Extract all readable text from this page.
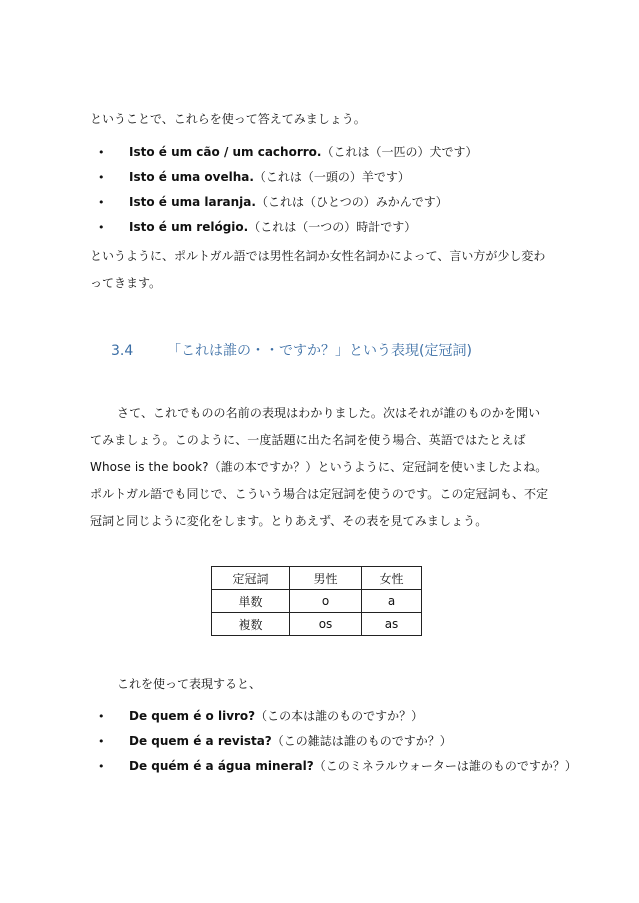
ということで、これらを使って答えてみましょう。

• Isto é um cão / um cachorro.（これは（一匹の）犬です）
• Isto é uma ovelha.（これは（一頭の）羊です）
• Isto é uma laranja.（これは（ひとつの）みかんです）
• Isto é um relógio.（これは（一つの）時計です）

というように、ポルトガル語では男性名詞か女性名詞かによって、言い方が少し変わってきます。

3.4 「これは誰の・・ですか？」という表現(定冠詞)

さて、これでものの名前の表現はわかりました。次はそれが誰のものかを聞いてみましょう。このように、一度話題に出た名詞を使う場合、英語ではたとえば Whose is the book?（誰の本ですか？）というように、定冠詞を使いましたよね。ポルトガル語でも同じで、こういう場合は定冠詞を使うのです。この定冠詞も、不定冠詞と同じように変化をします。とりあえず、その表を見てみましょう。

定冠詞	男性	女性
単数	o	a
複数	os	as

これを使って表現すると、

• De quem é o livro?（この本は誰のものですか？）
• De quem é a revista?（この雑誌は誰のものですか？）
• De quém é a água mineral?（このミネラルウォーターは誰のものですか？）
